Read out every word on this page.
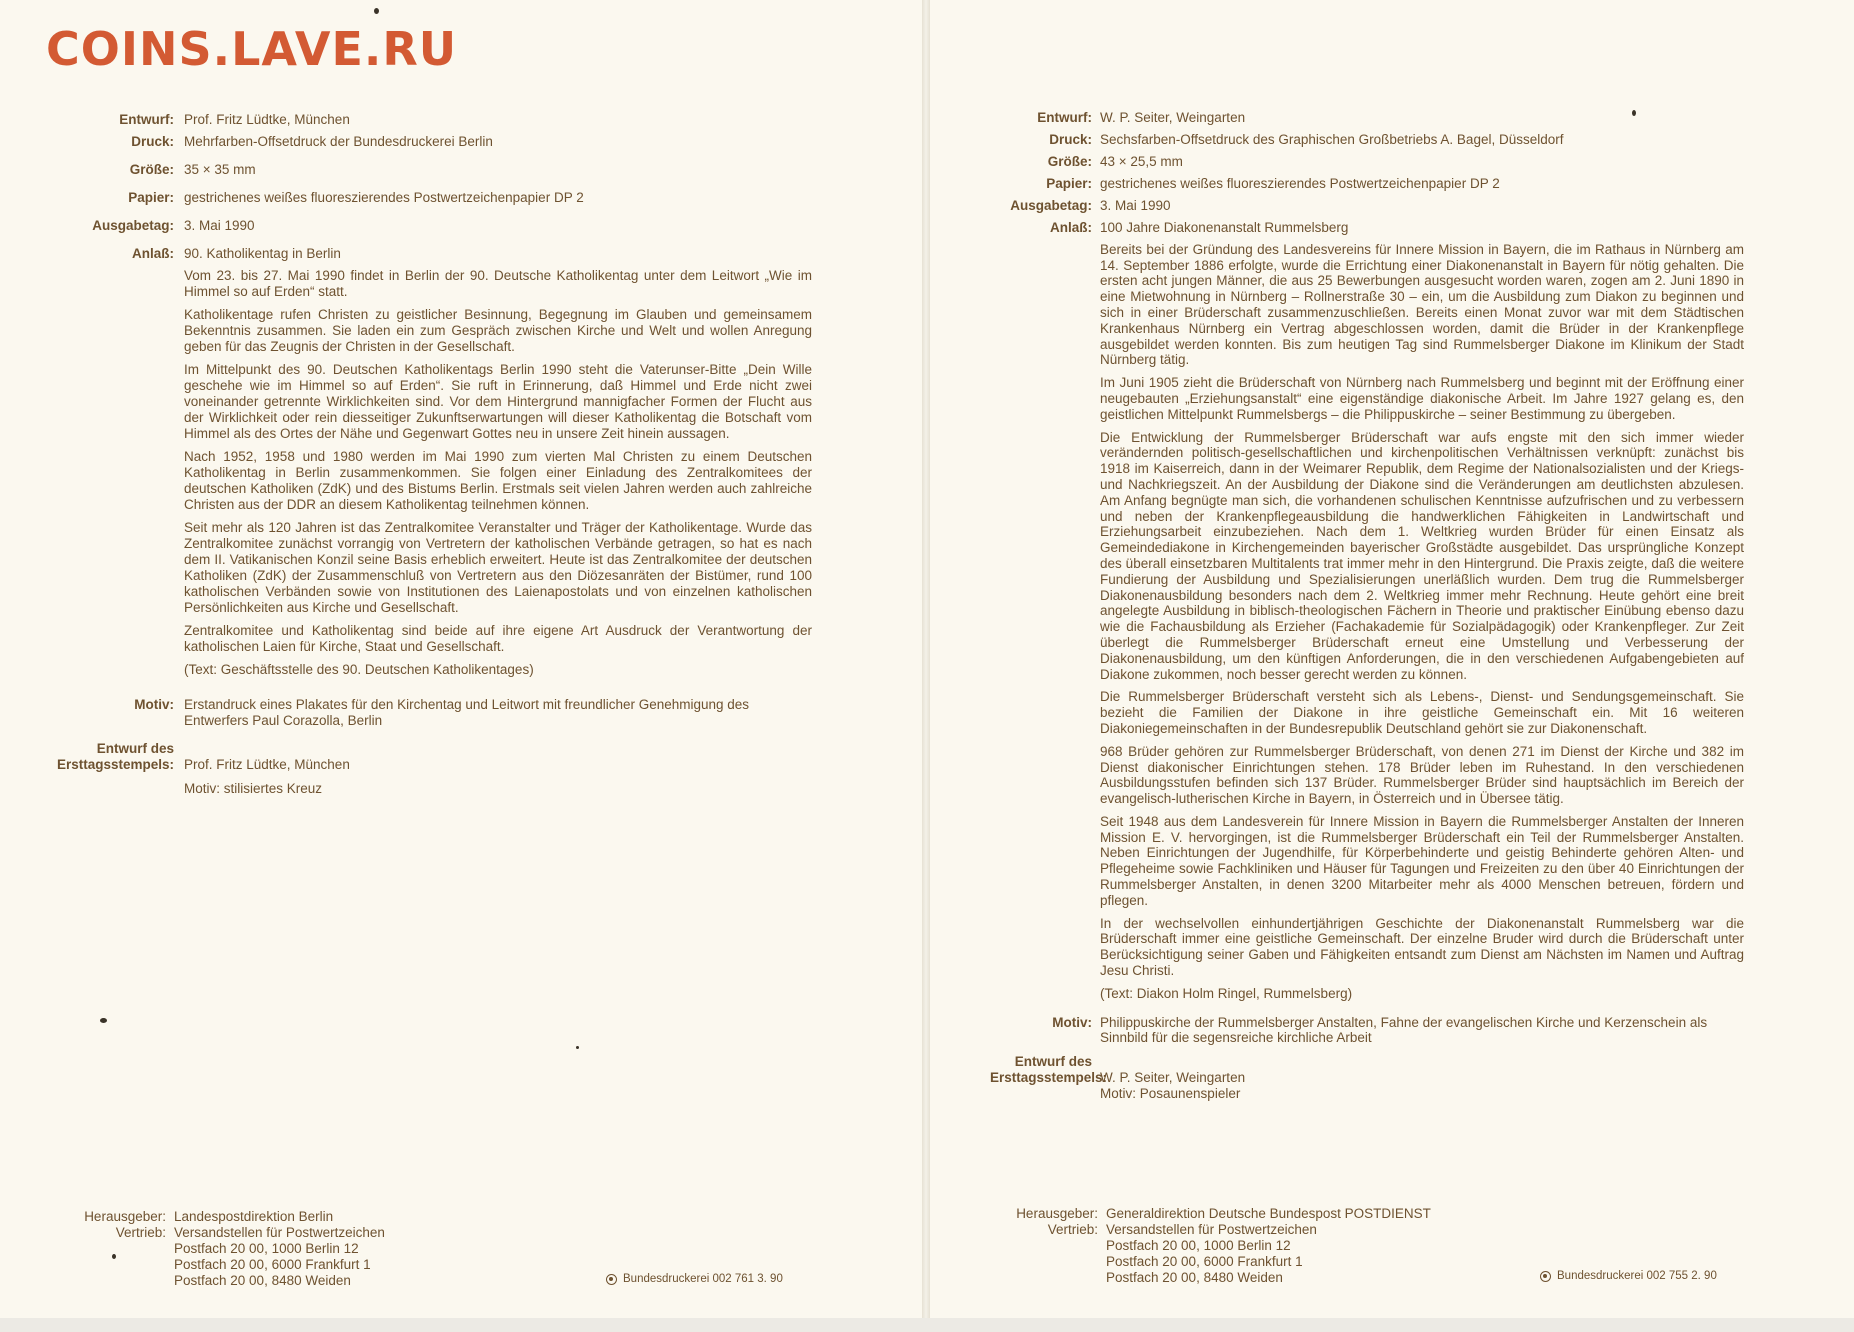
COINS.LAVE.RU
Entwurf: Prof. Fritz Lüdtke, München
Druck: Mehrfarben-Offsetdruck der Bundesdruckerei Berlin
Größe: 35 × 35 mm
Papier: gestrichenes weißes fluoreszierendes Postwertzeichenpapier DP 2
Ausgabetag: 3. Mai 1990
Anlaß: 90. Katholikentag in Berlin

Vom 23. bis 27. Mai 1990 findet in Berlin der 90. Deutsche Katholikentag unter dem Leitwort „Wie im Himmel so auf Erden“ statt.

Katholikentage rufen Christen zu geistlicher Besinnung, Begegnung im Glauben und gemeinsamem Bekenntnis zusammen. Sie laden ein zum Gespräch zwischen Kirche und Welt und wollen Anregung geben für das Zeugnis der Christen in der Gesellschaft.

Im Mittelpunkt des 90. Deutschen Katholikentags Berlin 1990 steht die Vaterunser-Bitte „Dein Wille geschehe wie im Himmel so auf Erden“. Sie ruft in Erinnerung, daß Himmel und Erde nicht zwei voneinander getrennte Wirklichkeiten sind. Vor dem Hintergrund mannigfacher Formen der Flucht aus der Wirklichkeit oder rein diesseitiger Zukunftserwartungen will dieser Katholikentag die Botschaft vom Himmel als des Ortes der Nähe und Gegenwart Gottes neu in unsere Zeit hinein aussagen.

Nach 1952, 1958 und 1980 werden im Mai 1990 zum vierten Mal Christen zu einem Deutschen Katholikentag in Berlin zusammenkommen. Sie folgen einer Einladung des Zentralkomitees der deutschen Katholiken (ZdK) und des Bistums Berlin. Erstmals seit vielen Jahren werden auch zahlreiche Christen aus der DDR an diesem Katholikentag teilnehmen können.

Seit mehr als 120 Jahren ist das Zentralkomitee Veranstalter und Träger der Katholikentage. Wurde das Zentralkomitee zunächst vorrangig von Vertretern der katholischen Verbände getragen, so hat es nach dem II. Vatikanischen Konzil seine Basis erheblich erweitert. Heute ist das Zentralkomitee der deutschen Katholiken (ZdK) der Zusammenschluß von Vertretern aus den Diözesanräten der Bistümer, rund 100 katholischen Verbänden sowie von Institutionen des Laienapostolats und von einzelnen katholischen Persönlichkeiten aus Kirche und Gesellschaft.

Zentralkomitee und Katholikentag sind beide auf ihre eigene Art Ausdruck der Verantwortung der katholischen Laien für Kirche, Staat und Gesellschaft.

(Text: Geschäftsstelle des 90. Deutschen Katholikentages)

Motiv: Erstandruck eines Plakates für den Kirchentag und Leitwort mit freundlicher Genehmigung des Entwerfers Paul Corazolla, Berlin
Entwurf des
Ersttagsstempels: Prof. Fritz Lüdtke, München
Motiv: stilisiertes Kreuz
Herausgeber: Landespostdirektion Berlin
Vertrieb: Versandstellen für Postwertzeichen
Postfach 20 00, 1000 Berlin 12
Postfach 20 00, 6000 Frankfurt 1
Postfach 20 00, 8480 Weiden	Bundesdruckerei 002 761 3. 90
Entwurf: W. P. Seiter, Weingarten
Druck: Sechsfarben-Offsetdruck des Graphischen Großbetriebs A. Bagel, Düsseldorf
Größe: 43 × 25,5 mm
Papier: gestrichenes weißes fluoreszierendes Postwertzeichenpapier DP 2
Ausgabetag: 3. Mai 1990
Anlaß: 100 Jahre Diakonenanstalt Rummelsberg

Bereits bei der Gründung des Landesvereins für Innere Mission in Bayern, die im Rathaus in Nürnberg am 14. September 1886 erfolgte, wurde die Errichtung einer Diakonenanstalt in Bayern für nötig gehalten. Die ersten acht jungen Männer, die aus 25 Bewerbungen ausgesucht worden waren, zogen am 2. Juni 1890 in eine Mietwohnung in Nürnberg – Rollnerstraße 30 – ein, um die Ausbildung zum Diakon zu beginnen und sich in einer Brüderschaft zusammenzuschließen. Bereits einen Monat zuvor war mit dem Städtischen Krankenhaus Nürnberg ein Vertrag abgeschlossen worden, damit die Brüder in der Krankenpflege ausgebildet werden konnten. Bis zum heutigen Tag sind Rummelsberger Diakone im Klinikum der Stadt Nürnberg tätig.

Im Juni 1905 zieht die Brüderschaft von Nürnberg nach Rummelsberg und beginnt mit der Eröffnung einer neugebauten „Erziehungsanstalt“ eine eigenständige diakonische Arbeit. Im Jahre 1927 gelang es, den geistlichen Mittelpunkt Rummelsbergs – die Philippuskirche – seiner Bestimmung zu übergeben.

Die Entwicklung der Rummelsberger Brüderschaft war aufs engste mit den sich immer wieder verändernden politisch-gesellschaftlichen und kirchenpolitischen Verhältnissen verknüpft: zunächst bis 1918 im Kaiserreich, dann in der Weimarer Republik, dem Regime der Nationalsozialisten und der Kriegs- und Nachkriegszeit. An der Ausbildung der Diakone sind die Veränderungen am deutlichsten abzulesen. Am Anfang begnügte man sich, die vorhandenen schulischen Kenntnisse aufzufrischen und zu verbessern und neben der Krankenpflegeausbildung die handwerklichen Fähigkeiten in Landwirtschaft und Erziehungsarbeit einzubeziehen. Nach dem 1. Weltkrieg wurden Brüder für einen Einsatz als Gemeindediakone in Kirchengemeinden bayerischer Großstädte ausgebildet. Das ursprüngliche Konzept des überall einsetzbaren Multitalents trat immer mehr in den Hintergrund. Die Praxis zeigte, daß die weitere Fundierung der Ausbildung und Spezialisierungen unerläßlich wurden. Dem trug die Rummelsberger Diakonenausbildung besonders nach dem 2. Weltkrieg immer mehr Rechnung. Heute gehört eine breit angelegte Ausbildung in biblisch-theologischen Fächern in Theorie und praktischer Einübung ebenso dazu wie die Fachausbildung als Erzieher (Fachakademie für Sozialpädagogik) oder Krankenpfleger. Zur Zeit überlegt die Rummelsberger Brüderschaft erneut eine Umstellung und Verbesserung der Diakonenausbildung, um den künftigen Anforderungen, die in den verschiedenen Aufgabengebieten auf Diakone zukommen, noch besser gerecht werden zu können.

Die Rummelsberger Brüderschaft versteht sich als Lebens-, Dienst- und Sendungsgemeinschaft. Sie bezieht die Familien der Diakone in ihre geistliche Gemeinschaft ein. Mit 16 weiteren Diakoniegemeinschaften in der Bundesrepublik Deutschland gehört sie zur Diakonenschaft.

968 Brüder gehören zur Rummelsberger Brüderschaft, von denen 271 im Dienst der Kirche und 382 im Dienst diakonischer Einrichtungen stehen. 178 Brüder leben im Ruhestand. In den verschiedenen Ausbildungsstufen befinden sich 137 Brüder. Rummelsberger Brüder sind hauptsächlich im Bereich der evangelisch-lutherischen Kirche in Bayern, in Österreich und in Übersee tätig.

Seit 1948 aus dem Landesverein für Innere Mission in Bayern die Rummelsberger Anstalten der Inneren Mission E. V. hervorgingen, ist die Rummelsberger Brüderschaft ein Teil der Rummelsberger Anstalten. Neben Einrichtungen der Jugendhilfe, für Körperbehinderte und geistig Behinderte gehören Alten- und Pflegeheime sowie Fachkliniken und Häuser für Tagungen und Freizeiten zu den über 40 Einrichtungen der Rummelsberger Anstalten, in denen 3200 Mitarbeiter mehr als 4000 Menschen betreuen, fördern und pflegen.

In der wechselvollen einhundertjährigen Geschichte der Diakonenanstalt Rummelsberg war die Brüderschaft immer eine geistliche Gemeinschaft. Der einzelne Bruder wird durch die Brüderschaft unter Berücksichtigung seiner Gaben und Fähigkeiten entsandt zum Dienst am Nächsten im Namen und Auftrag Jesu Christi.

(Text: Diakon Holm Ringel, Rummelsberg)

Motiv: Philippuskirche der Rummelsberger Anstalten, Fahne der evangelischen Kirche und Kerzenschein als Sinnbild für die segensreiche kirchliche Arbeit
Entwurf des
Ersttagsstempels:
W. P. Seiter, Weingarten
Motiv: Posaunenspieler
Herausgeber: Generaldirektion Deutsche Bundespost POSTDIENST
Vertrieb: Versandstellen für Postwertzeichen
Postfach 20 00, 1000 Berlin 12
Postfach 20 00, 6000 Frankfurt 1
Postfach 20 00, 8480 Weiden	Bundesdruckerei 002 755 2. 90
